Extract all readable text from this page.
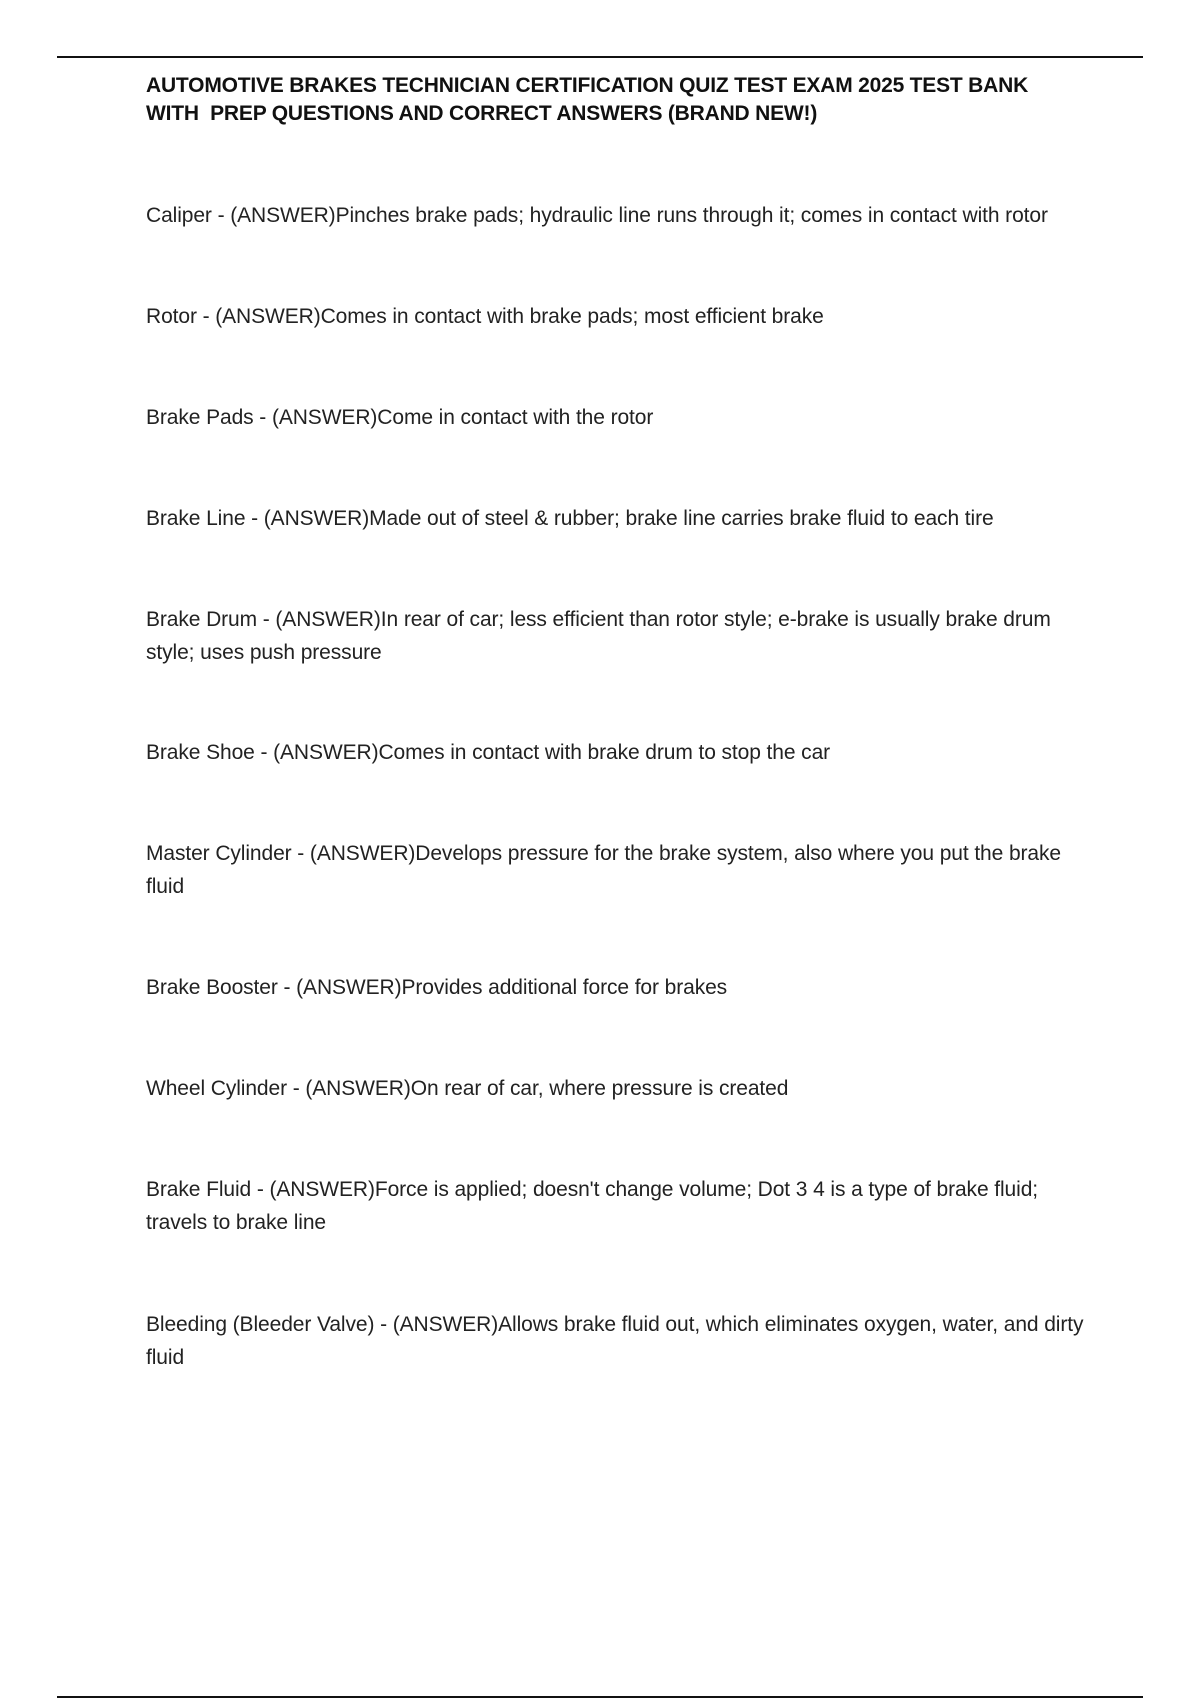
AUTOMOTIVE BRAKES TECHNICIAN CERTIFICATION QUIZ TEST EXAM 2025 TEST BANK
WITH  PREP QUESTIONS AND CORRECT ANSWERS (BRAND NEW!)
Caliper - (ANSWER)Pinches brake pads; hydraulic line runs through it; comes in contact with rotor
Rotor - (ANSWER)Comes in contact with brake pads; most efficient brake
Brake Pads - (ANSWER)Come in contact with the rotor
Brake Line - (ANSWER)Made out of steel & rubber; brake line carries brake fluid to each tire
Brake Drum - (ANSWER)In rear of car; less efficient than rotor style; e-brake is usually brake drum style; uses push pressure
Brake Shoe - (ANSWER)Comes in contact with brake drum to stop the car
Master Cylinder - (ANSWER)Develops pressure for the brake system, also where you put the brake fluid
Brake Booster - (ANSWER)Provides additional force for brakes
Wheel Cylinder - (ANSWER)On rear of car, where pressure is created
Brake Fluid - (ANSWER)Force is applied; doesn't change volume; Dot 3 4 is a type of brake fluid; travels to brake line
Bleeding (Bleeder Valve) - (ANSWER)Allows brake fluid out, which eliminates oxygen, water, and dirty fluid
